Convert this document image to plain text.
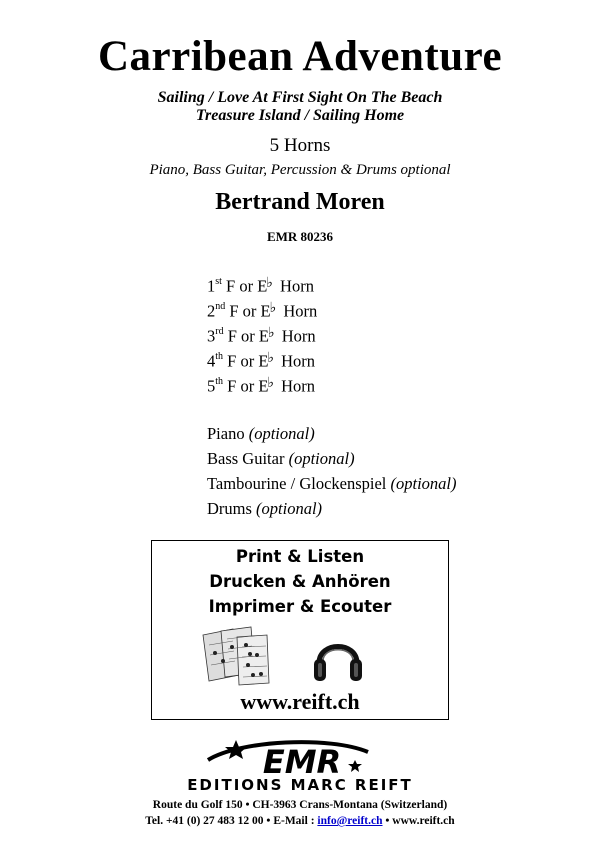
Carribean Adventure
Sailing / Love At First Sight On The Beach
Treasure Island / Sailing Home
5 Horns
Piano, Bass Guitar, Percussion & Drums optional
Bertrand Moren
EMR 80236
1st F or E♭ Horn
2nd F or E♭ Horn
3rd F or E♭ Horn
4th F or E♭ Horn
5th F or E♭ Horn
Piano (optional)
Bass Guitar (optional)
Tambourine / Glockenspiel (optional)
Drums (optional)
Print & Listen
Drucken & Anhören
Imprimer & Ecouter
www.reift.ch
EMR
EDITIONS MARC REIFT
Route du Golf 150 • CH-3963 Crans-Montana (Switzerland)
Tel. +41 (0) 27 483 12 00 • E-Mail : info@reift.ch • www.reift.ch
